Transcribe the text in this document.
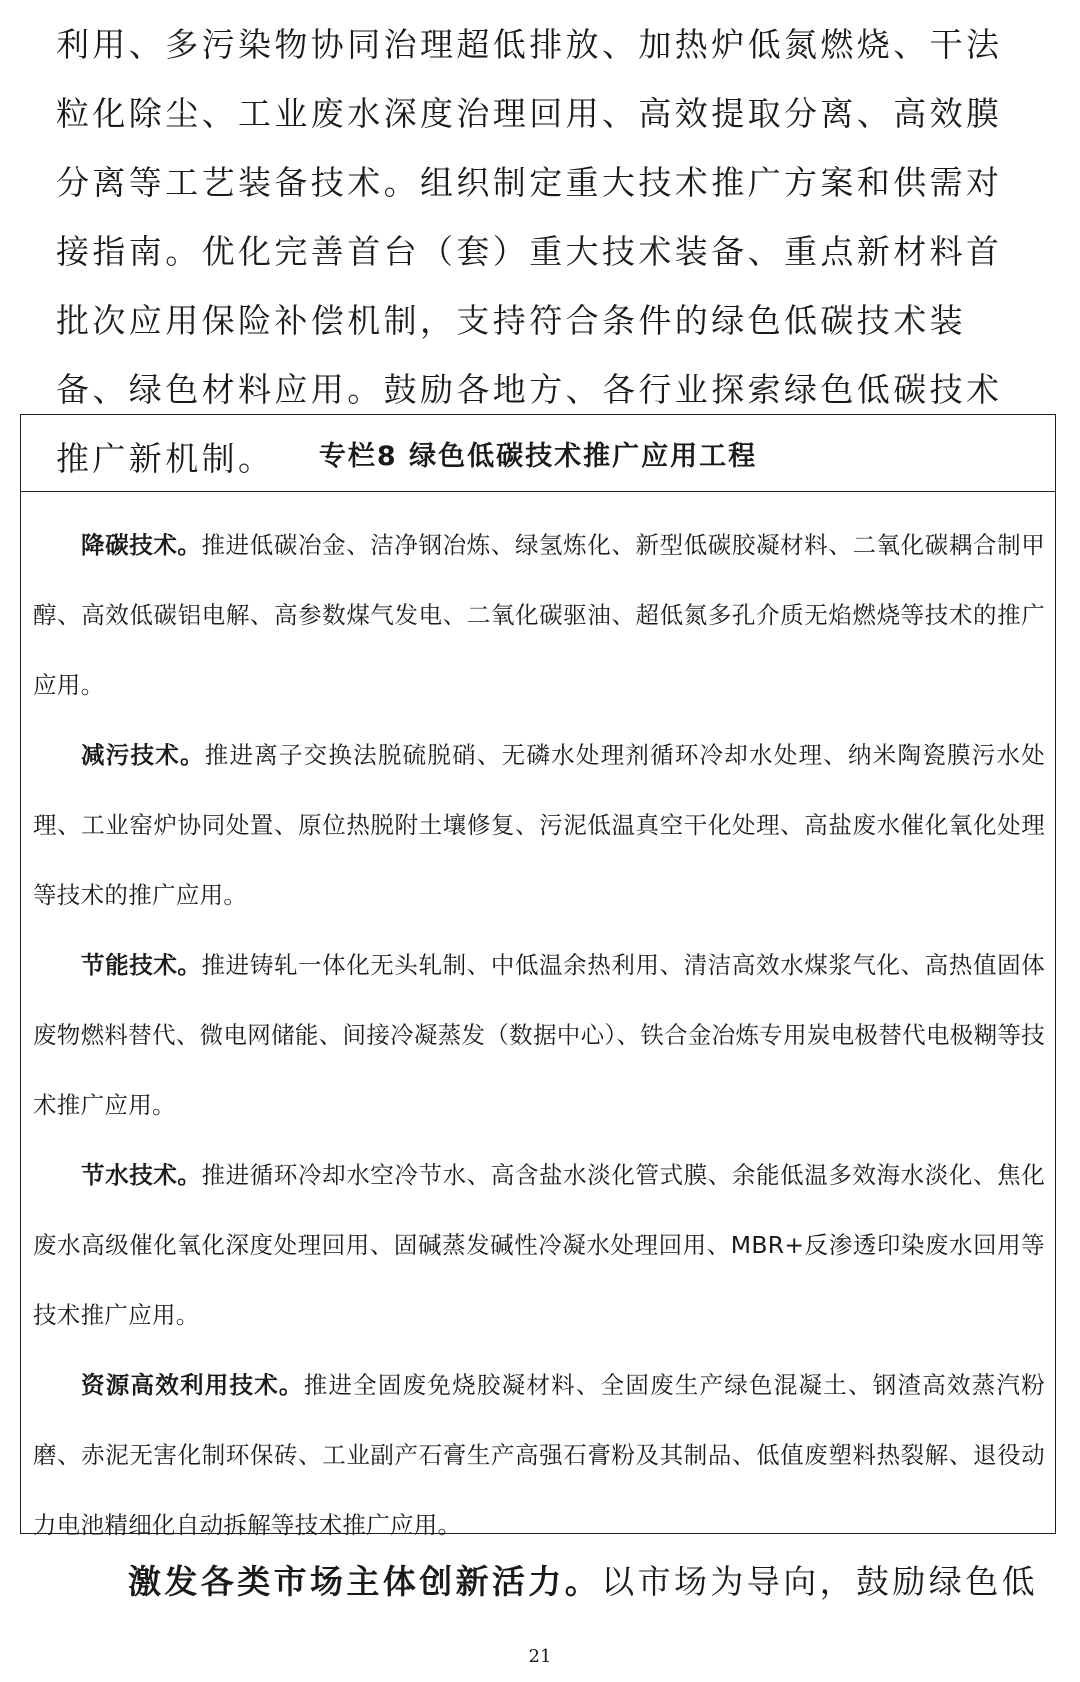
利用、多污染物协同治理超低排放、加热炉低氮燃烧、干法粒化除尘、工业废水深度治理回用、高效提取分离、高效膜分离等工艺装备技术。组织制定重大技术推广方案和供需对接指南。优化完善首台（套）重大技术装备、重点新材料首批次应用保险补偿机制，支持符合条件的绿色低碳技术装备、绿色材料应用。鼓励各地方、各行业探索绿色低碳技术推广新机制。	专栏8 绿色低碳技术推广应用工程

降碳技术。推进低碳冶金、洁净钢冶炼、绿氢炼化、新型低碳胶凝材料、二氧化碳耦合制甲醇、高效低碳铝电解、高参数煤气发电、二氧化碳驱油、超低氮多孔介质无焰燃烧等技术的推广应用。

减污技术。推进离子交换法脱硫脱硝、无磷水处理剂循环冷却水处理、纳米陶瓷膜污水处理、工业窑炉协同处置、原位热脱附土壤修复、污泥低温真空干化处理、高盐废水催化氧化处理等技术的推广应用。

节能技术。推进铸轧一体化无头轧制、中低温余热利用、清洁高效水煤浆气化、高热值固体废物燃料替代、微电网储能、间接冷凝蒸发（数据中心）、铁合金冶炼专用炭电极替代电极糊等技术推广应用。

节水技术。推进循环冷却水空冷节水、高含盐水淡化管式膜、余能低温多效海水淡化、焦化废水高级催化氧化深度处理回用、固碱蒸发碱性冷凝水处理回用、MBR+反渗透印染废水回用等技术推广应用。

资源高效利用技术。推进全固废免烧胶凝材料、全固废生产绿色混凝土、钢渣高效蒸汽粉磨、赤泥无害化制环保砖、工业副产石膏生产高强石膏粉及其制品、低值废塑料热裂解、退役动力电池精细化自动拆解等技术推广应用。

激发各类市场主体创新活力。以市场为导向，鼓励绿色低

21
